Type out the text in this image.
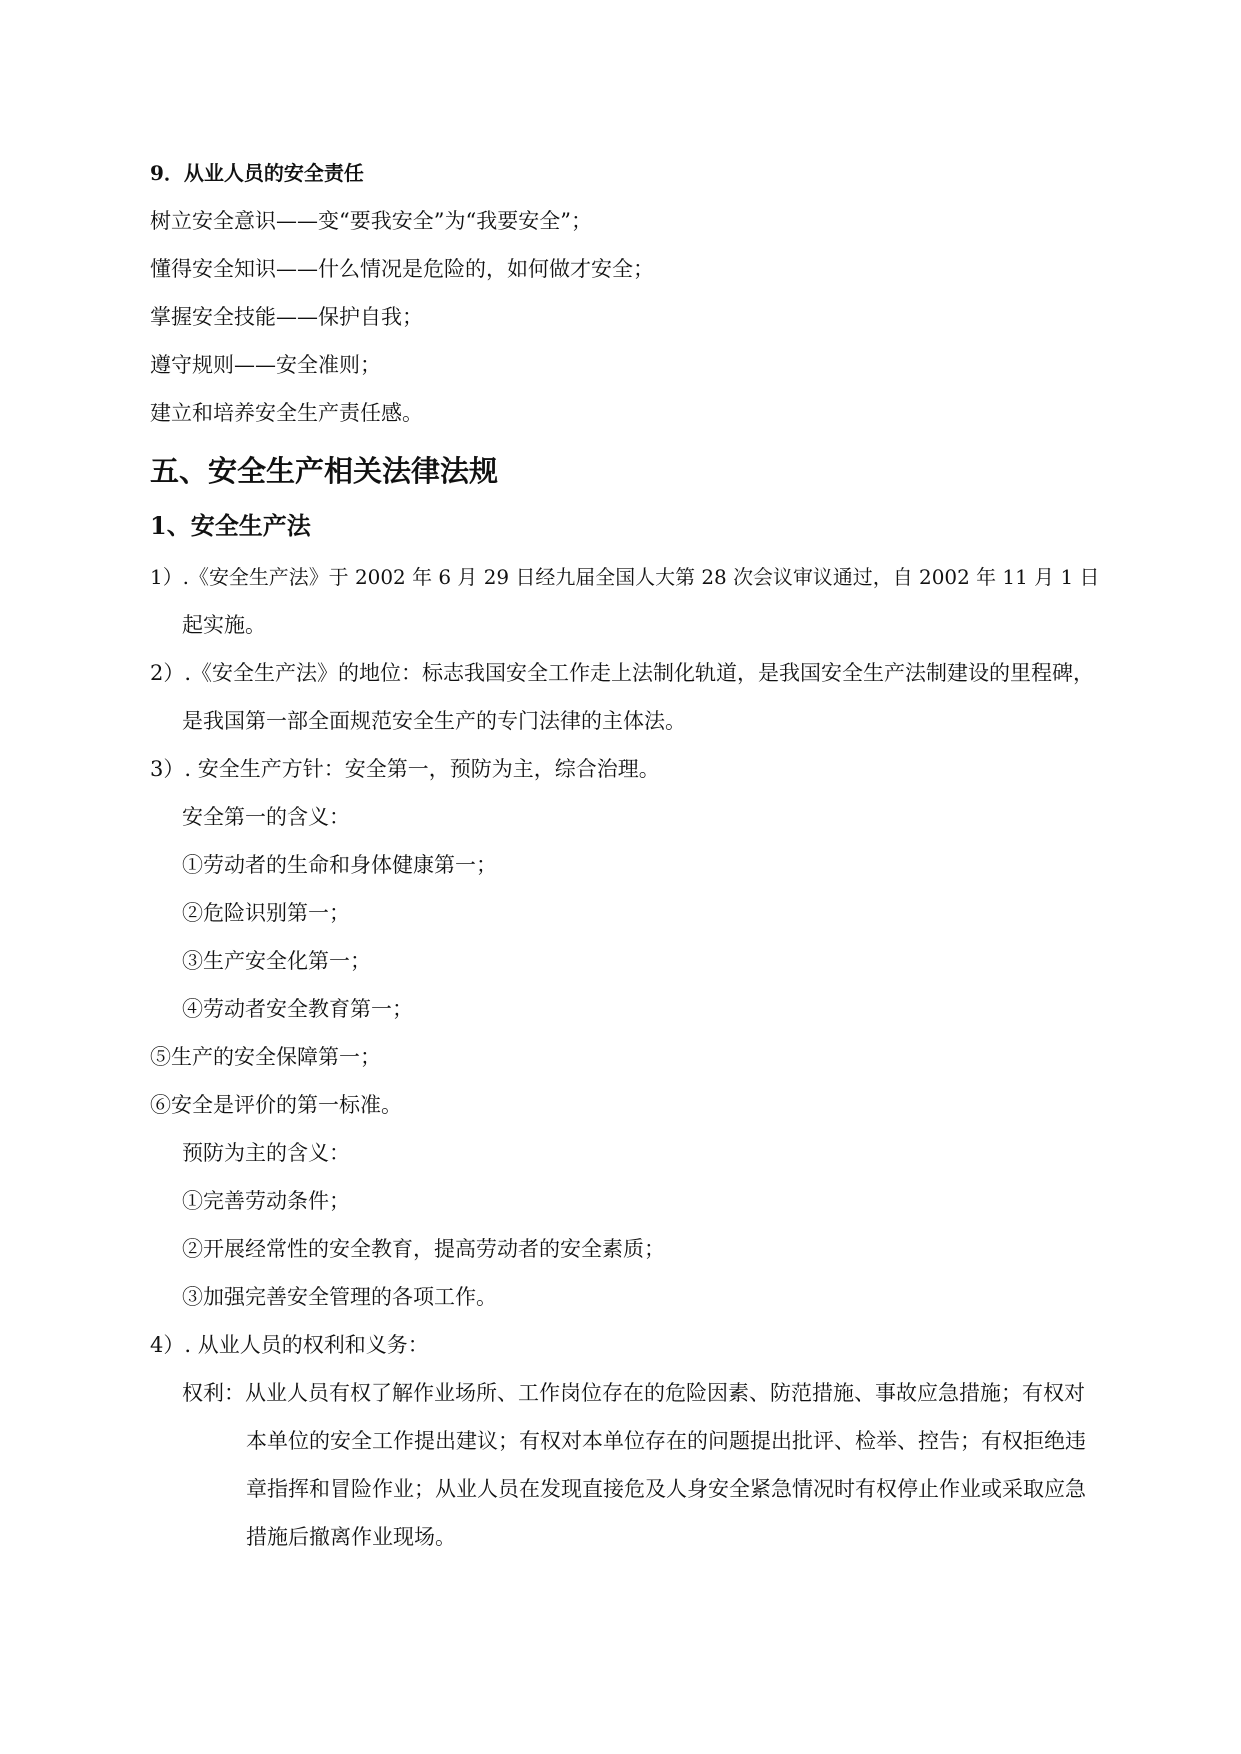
9．从业人员的安全责任
树立安全意识——变“要我安全”为“我要安全”；
懂得安全知识——什么情况是危险的，如何做才安全；
掌握安全技能——保护自我；
遵守规则——安全准则；
建立和培养安全生产责任感。
五、安全生产相关法律法规
1、安全生产法
1）.《安全生产法》于 2002 年 6 月 29 日经九届全国人大第 28 次会议审议通过，自 2002 年 11 月 1 日
起实施。
2）.《安全生产法》的地位：标志我国安全工作走上法制化轨道，是我国安全生产法制建设的里程碑，
是我国第一部全面规范安全生产的专门法律的主体法。
3）. 安全生产方针：安全第一，预防为主，综合治理。
安全第一的含义：
①劳动者的生命和身体健康第一；
②危险识别第一；
③生产安全化第一；
④劳动者安全教育第一；
⑤生产的安全保障第一；
⑥安全是评价的第一标准。
预防为主的含义：
①完善劳动条件；
②开展经常性的安全教育，提高劳动者的安全素质；
③加强完善安全管理的各项工作。
4）. 从业人员的权利和义务：
权利：从业人员有权了解作业场所、工作岗位存在的危险因素、防范措施、事故应急措施；有权对
本单位的安全工作提出建议；有权对本单位存在的问题提出批评、检举、控告；有权拒绝违
章指挥和冒险作业；从业人员在发现直接危及人身安全紧急情况时有权停止作业或采取应急
措施后撤离作业现场。
